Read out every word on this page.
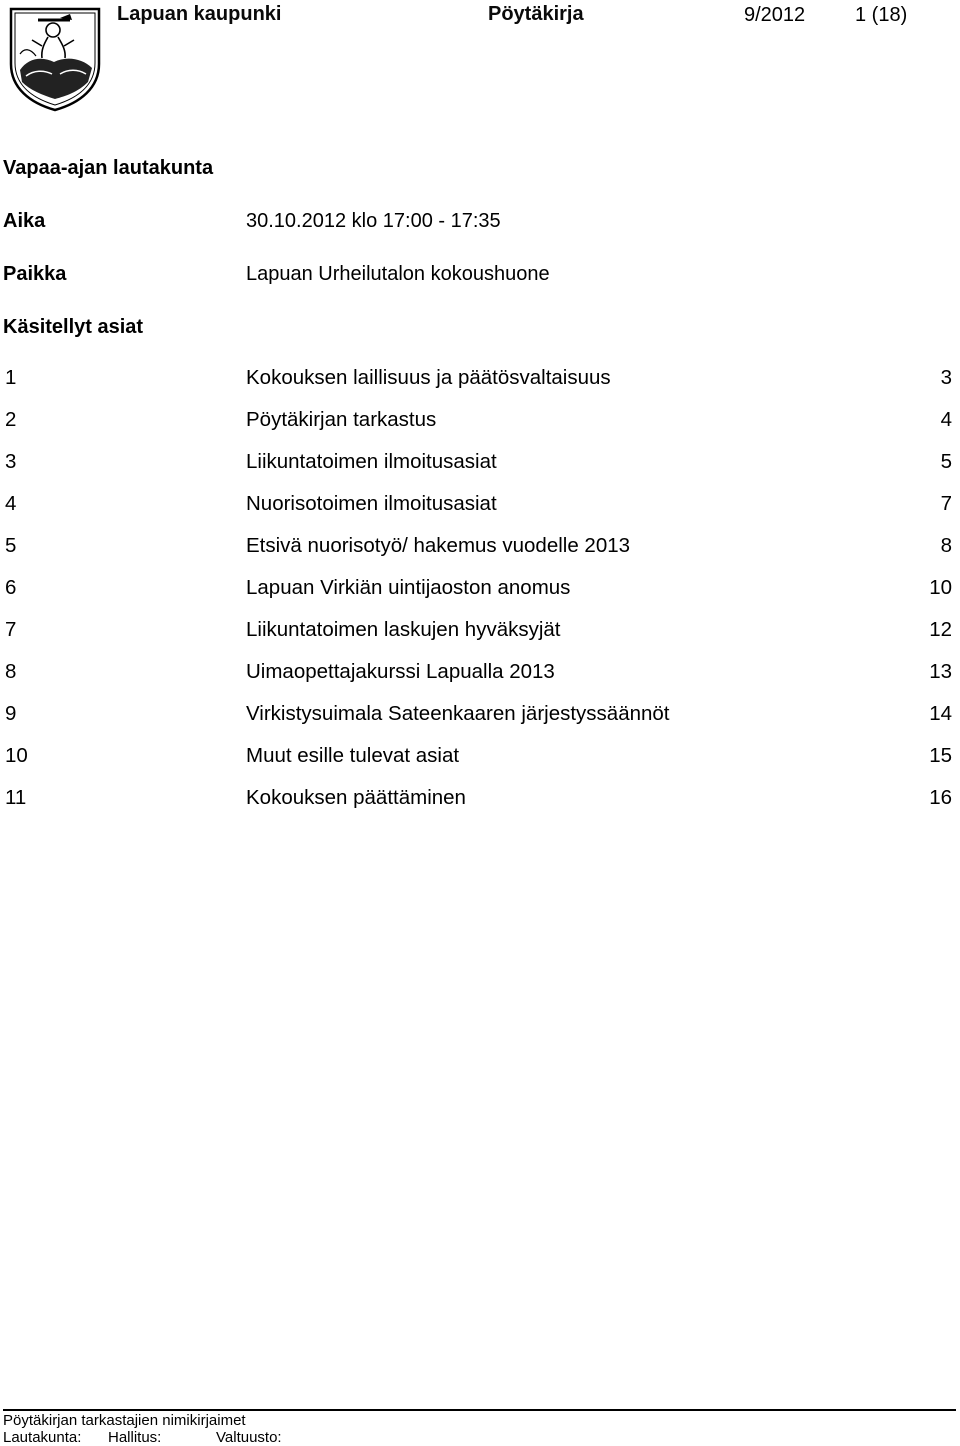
Lapuan kaupunki	Pöytäkirja	9/2012 1 (18)
Vapaa-ajan lautakunta
Aika	30.10.2012 klo 17:00 - 17:35
Paikka	Lapuan Urheilutalon kokoushuone
Käsitellyt asiat
1	Kokouksen laillisuus ja päätösvaltaisuus	3
2	Pöytäkirjan tarkastus	4
3	Liikuntatoimen ilmoitusasiat	5
4	Nuorisotoimen ilmoitusasiat	7
5	Etsivä nuorisotyö/ hakemus vuodelle 2013	8
6	Lapuan Virkiän uintijaoston anomus	10
7	Liikuntatoimen laskujen hyväksyjät	12
8	Uimaopettajakurssi Lapualla 2013	13
9	Virkistysuimala Sateenkaaren järjestyssäännöt	14
10	Muut esille tulevat asiat	15
11	Kokouksen päättäminen	16
Pöytäkirjan tarkastajien nimikirjaimet
Lautakunta: Hallitus:	Valtuusto:
